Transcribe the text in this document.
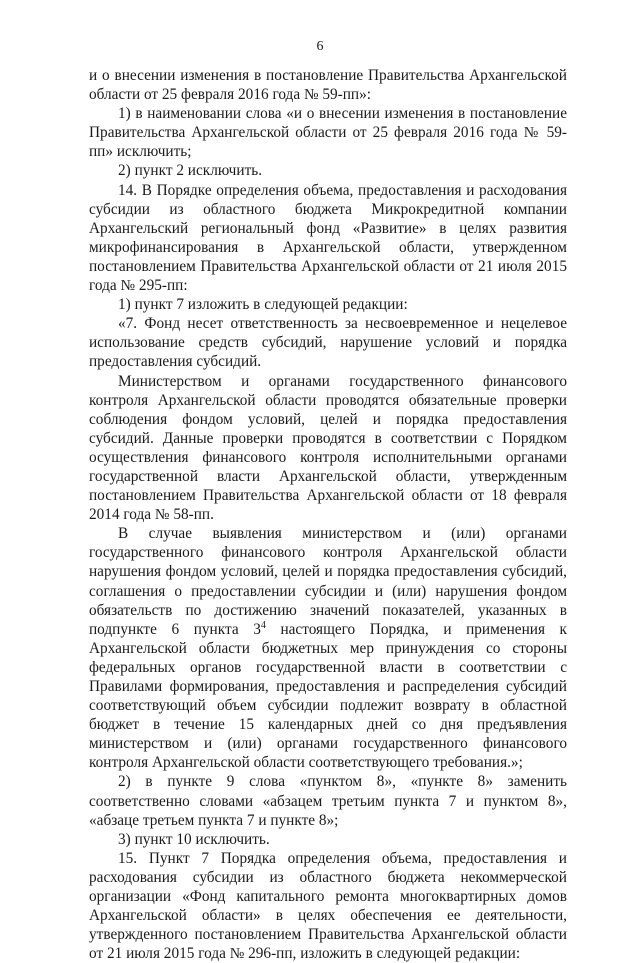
6

и о внесении изменения в постановление Правительства Архангельской области от 25 февраля 2016 года № 59-пп»:

1) в наименовании слова «и о внесении изменения в постановление Правительства Архангельской области от 25 февраля 2016 года № 59-пп» исключить;

2) пункт 2 исключить.

14. В Порядке определения объема, предоставления и расходования субсидии из областного бюджета Микрокредитной компании Архангельский региональный фонд «Развитие» в целях развития микрофинансирования в Архангельской области, утвержденном постановлением Правительства Архангельской области от 21 июля 2015 года № 295-пп:

1) пункт 7 изложить в следующей редакции:

«7. Фонд несет ответственность за несвоевременное и нецелевое использование средств субсидий, нарушение условий и порядка предоставления субсидий.

Министерством и органами государственного финансового контроля Архангельской области проводятся обязательные проверки соблюдения фондом условий, целей и порядка предоставления субсидий. Данные проверки проводятся в соответствии с Порядком осуществления финансового контроля исполнительными органами государственной власти Архангельской области, утвержденным постановлением Правительства Архангельской области от 18 февраля 2014 года № 58-пп.

В случае выявления министерством и (или) органами государственного финансового контроля Архангельской области нарушения фондом условий, целей и порядка предоставления субсидий, соглашения о предоставлении субсидии и (или) нарушения фондом обязательств по достижению значений показателей, указанных в подпункте 6 пункта $3^4$ настоящего Порядка, и применения к Архангельской области бюджетных мер принуждения со стороны федеральных органов государственной власти в соответствии с Правилами формирования, предоставления и распределения субсидий соответствующий объем субсидии подлежит возврату в областной бюджет в течение 15 календарных дней со дня предъявления министерством и (или) органами государственного финансового контроля Архангельской области соответствующего требования.»;

2) в пункте 9 слова «пунктом 8», «пункте 8» заменить соответственно словами «абзацем третьим пункта 7 и пунктом 8», «абзаце третьем пункта 7 и пункте 8»;

3) пункт 10 исключить.

15. Пункт 7 Порядка определения объема, предоставления и расходования субсидии из областного бюджета некоммерческой организации «Фонд капитального ремонта многоквартирных домов Архангельской области» в целях обеспечения ее деятельности, утвержденного постановлением Правительства Архангельской области от 21 июля 2015 года № 296-пп, изложить в следующей редакции:
